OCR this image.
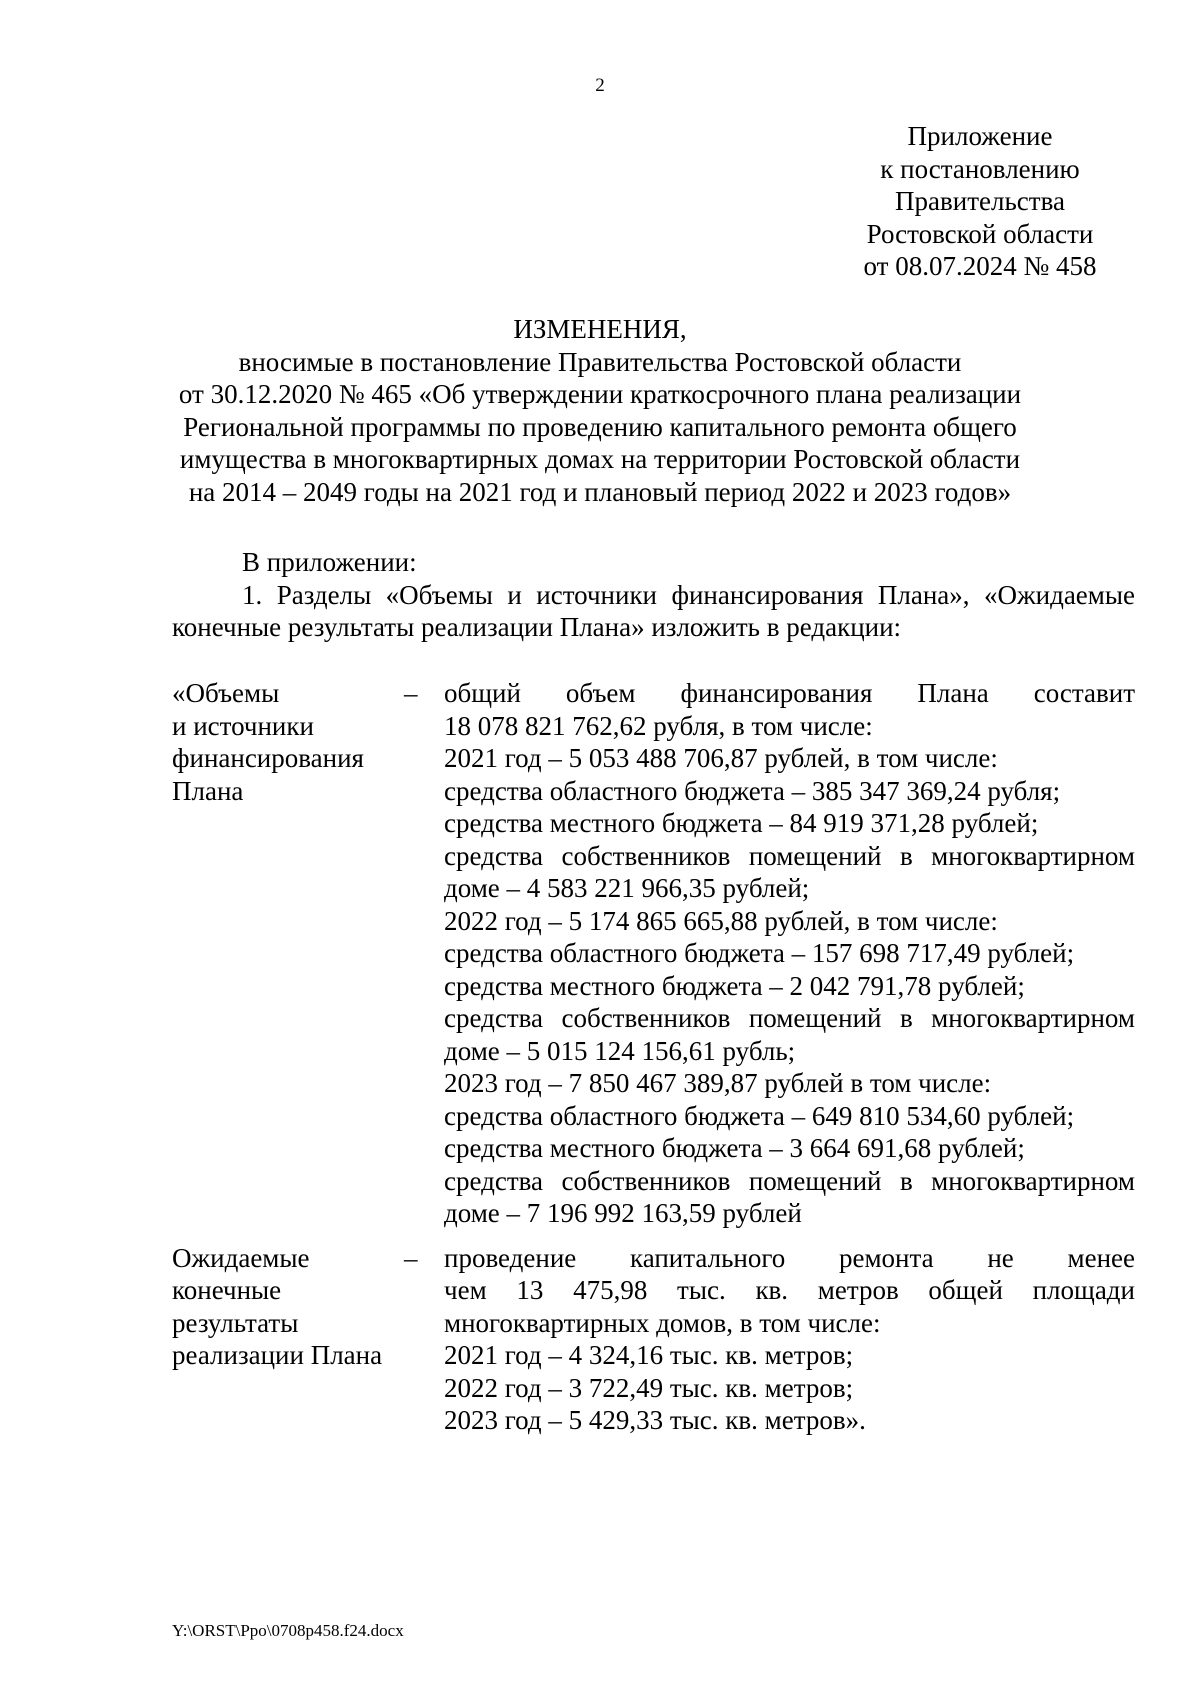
2
Приложение
к постановлению
Правительства
Ростовской области
от 08.07.2024 № 458
ИЗМЕНЕНИЯ,
вносимые в постановление Правительства Ростовской области
от 30.12.2020 № 465 «Об утверждении краткосрочного плана реализации
Региональной программы по проведению капитального ремонта общего
имущества в многоквартирных домах на территории Ростовской области
на 2014 – 2049 годы на 2021 год и плановый период 2022 и 2023 годов»

В приложении:

1. Разделы «Объемы и источники финансирования Плана», «Ожидаемые конечные результаты реализации Плана» изложить в редакции:

«Объемы
и источники
финансирования
Плана
– общий объем финансирования Плана составит
18 078 821 762,62 рубля, в том числе:
2021 год – 5 053 488 706,87 рублей, в том числе:
средства областного бюджета – 385 347 369,24 рубля;
средства местного бюджета – 84 919 371,28 рублей;
средства собственников помещений в многоквартирном
доме – 4 583 221 966,35 рублей;
2022 год – 5 174 865 665,88 рублей, в том числе:
средства областного бюджета – 157 698 717,49 рублей;
средства местного бюджета – 2 042 791,78 рублей;
средства собственников помещений в многоквартирном
доме – 5 015 124 156,61 рубль;
2023 год – 7 850 467 389,87 рублей в том числе:
средства областного бюджета – 649 810 534,60 рублей;
средства местного бюджета – 3 664 691,68 рублей;
средства собственников помещений в многоквартирном
доме – 7 196 992 163,59 рублей
Ожидаемые
конечные
результаты
реализации Плана
– проведение капитального ремонта не менее
чем 13 475,98 тыс. кв. метров общей площади
многоквартирных домов, в том числе:
2021 год – 4 324,16 тыс. кв. метров;
2022 год – 3 722,49 тыс. кв. метров;
2023 год – 5 429,33 тыс. кв. метров».
Y:\ORST\Ppo\0708p458.f24.docx
